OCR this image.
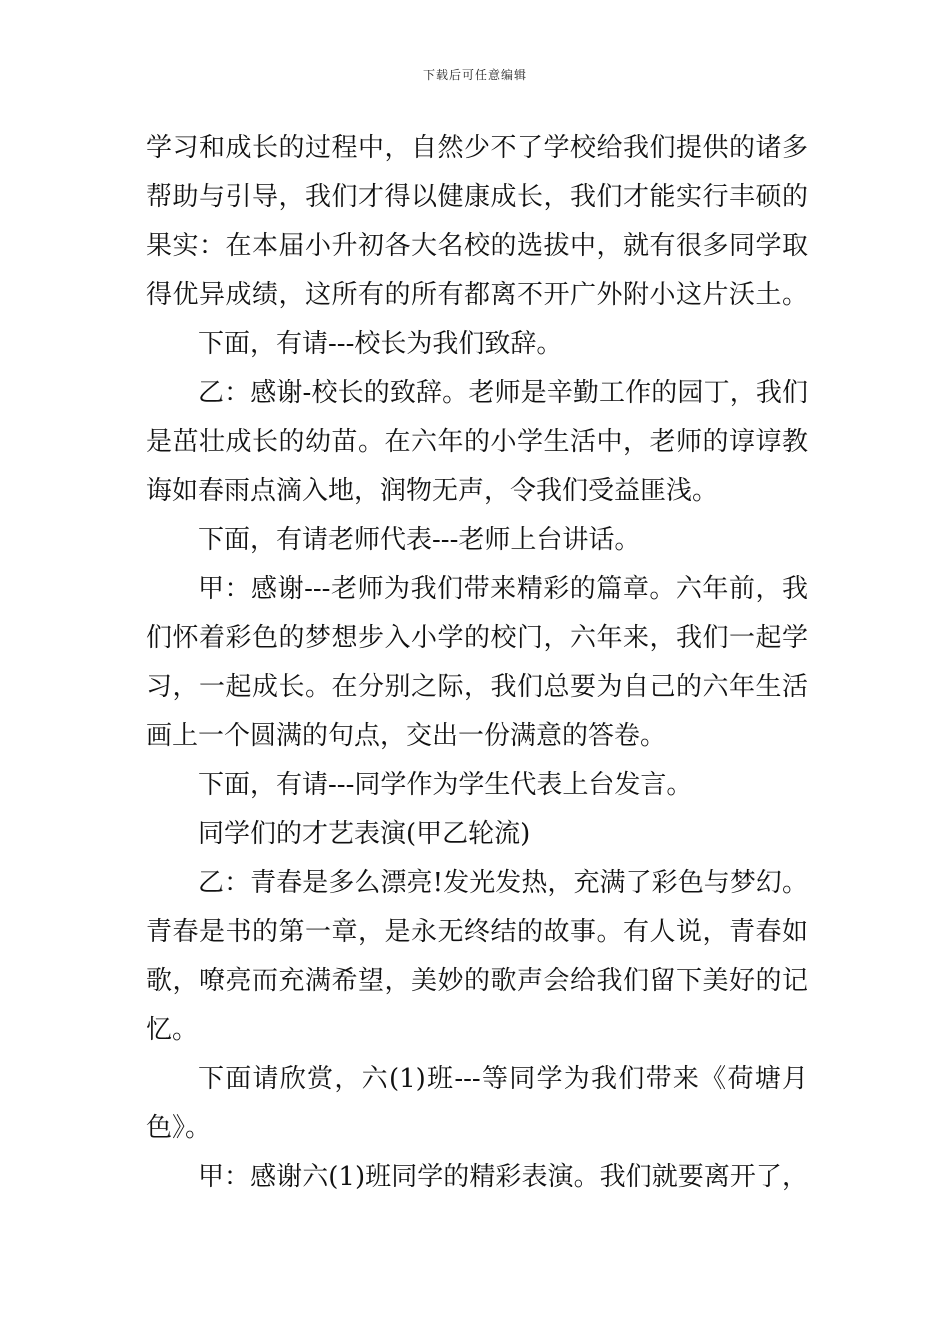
下载后可任意编辑
学习和成长的过程中，自然少不了学校给我们提供的诸多
帮助与引导，我们才得以健康成长，我们才能实行丰硕的
果实：在本届小升初各大名校的选拔中，就有很多同学取
得优异成绩，这所有的所有都离不开广外附小这片沃土。
下面，有请---校长为我们致辞。
乙：感谢-校长的致辞。老师是辛勤工作的园丁，我们
是茁壮成长的幼苗。在六年的小学生活中，老师的谆谆教
诲如春雨点滴入地，润物无声，令我们受益匪浅。
下面，有请老师代表---老师上台讲话。
甲：感谢---老师为我们带来精彩的篇章。六年前，我
们怀着彩色的梦想步入小学的校门，六年来，我们一起学
习，一起成长。在分别之际，我们总要为自己的六年生活
画上一个圆满的句点，交出一份满意的答卷。
下面，有请---同学作为学生代表上台发言。
同学们的才艺表演(甲乙轮流)
乙：青春是多么漂亮!发光发热，充满了彩色与梦幻。
青春是书的第一章，是永无终结的故事。有人说，青春如
歌，嘹亮而充满希望，美妙的歌声会给我们留下美好的记
忆。
下面请欣赏，六(1)班---等同学为我们带来《荷塘月
色》。
甲：感谢六(1)班同学的精彩表演。我们就要离开了，
